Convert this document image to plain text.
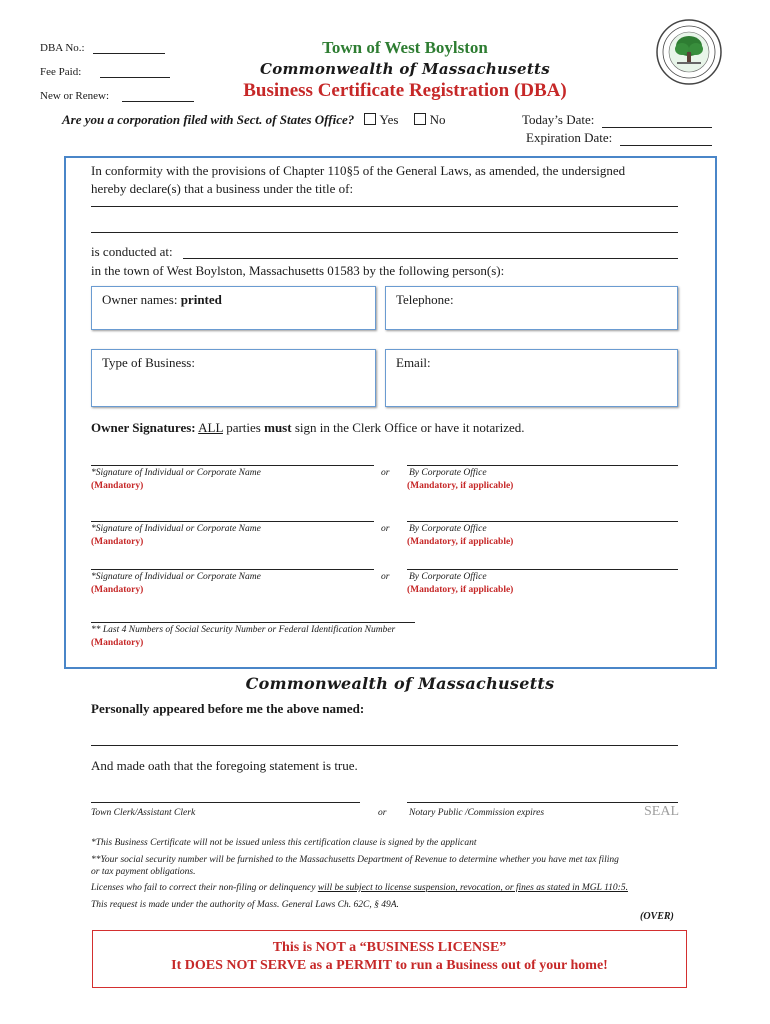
DBA No.:
Fee Paid:
New or Renew:
Town of West Boylston
Commonwealth of Massachusetts
Business Certificate Registration (DBA)
Are you a corporation filed with Sect. of States Office? Yes No	Today’s Date:
Expiration Date:
In conformity with the provisions of Chapter 110§5 of the General Laws, as amended, the undersigned
hereby declare(s) that a business under the title of:
is conducted at:
in the town of West Boylston, Massachusetts 01583 by the following person(s):
Owner names: printed	Telephone:
Type of Business:	Email:
Owner Signatures: ALL parties must sign in the Clerk Office or have it notarized.
*Signature of Individual or Corporate Name
(Mandatory)
or By Corporate Office
(Mandatory, if applicable)
*Signature of Individual or Corporate Name
(Mandatory)
or By Corporate Office
(Mandatory, if applicable)
*Signature of Individual or Corporate Name
(Mandatory)
or By Corporate Office
(Mandatory, if applicable)
** Last 4 Numbers of Social Security Number or Federal Identification Number
(Mandatory)
Commonwealth of Massachusetts
Personally appeared before me the above named:
And made oath that the foregoing statement is true.
Town Clerk/Assistant Clerk	or Notary Public /Commission expires	SEAL
*This Business Certificate will not be issued unless this certification clause is signed by the applicant
**Your social security number will be furnished to the Massachusetts Department of Revenue to determine whether you have met tax filing
or tax payment obligations.
Licenses who fail to correct their non-filing or delinquency will be subject to license suspension, revocation, or fines as stated in MGL 110:5.
This request is made under the authority of Mass. General Laws Ch. 62C, § 49A.
(OVER)
This is NOT a “BUSINESS LICENSE”
It DOES NOT SERVE as a PERMIT to run a Business out of your home!
